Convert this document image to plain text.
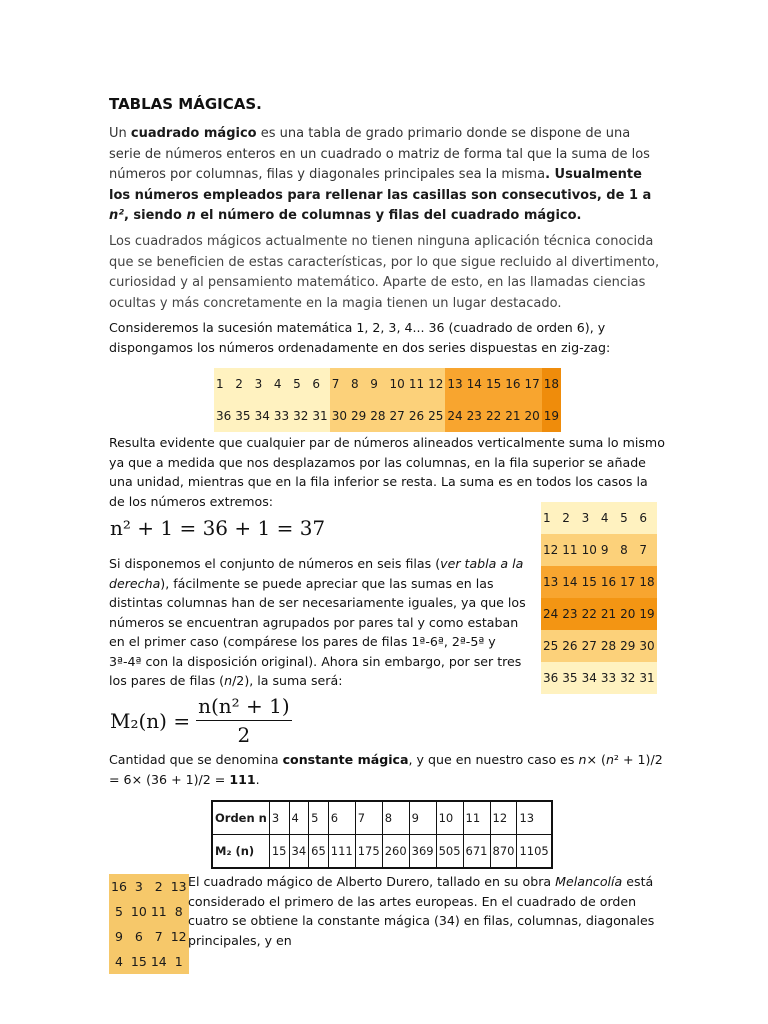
TABLAS MÁGICAS.
Un cuadrado mágico es una tabla de grado primario donde se dispone de una serie de números enteros en un cuadrado o matriz de forma tal que la suma de los números por columnas, filas y diagonales principales sea la misma. Usualmente los números empleados para rellenar las casillas son consecutivos, de 1 a n², siendo n el número de columnas y filas del cuadrado mágico.
Los cuadrados mágicos actualmente no tienen ninguna aplicación técnica conocida que se beneficien de estas características, por lo que sigue recluido al divertimento, curiosidad y al pensamiento matemático. Aparte de esto, en las llamadas ciencias ocultas y más concretamente en la magia tienen un lugar destacado.
Consideremos la sucesión matemática 1, 2, 3, 4... 36 (cuadrado de orden 6), y dispongamos los números ordenadamente en dos series dispuestas en zig-zag:
1	2	3	4	5	6	7	8	9	10	11	12	13	14	15	16	17	18
36	35	34	33	32	31	30	29	28	27	26	25	24	23	22	21	20	19
Resulta evidente que cualquier par de números alineados verticalmente suma lo mismo ya que a medida que nos desplazamos por las columnas, en la fila superior se añade una unidad, mientras que en la fila inferior se resta. La suma es en todos los casos la de los números extremos:
n² + 1 = 36 + 1 = 37	1	2	3	4	5	6
12	11	10	9	8	7
13	14	15	16	17	18
24	23	22	21	20	19
25	26	27	28	29	30
36	35	34	33	32	31
Si disponemos el conjunto de números en seis filas (ver tabla a la derecha), fácilmente se puede apreciar que las sumas en las distintas columnas han de ser necesariamente iguales, ya que los números se encuentran agrupados por pares tal y como estaban en el primer caso (compárese los pares de filas 1ª-6ª, 2ª-5ª y 3ª-4ª con la disposición original). Ahora sin embargo, por ser tres los pares de filas (n/2), la suma será:
$M_2(n) = \frac{\text{n(n² + 1)}}{2}$
Cantidad que se denomina constante mágica, y que en nuestro caso es n× (n² + 1)/2 = 6× (36 + 1)/2 = 111.
Orden n	3	4	5	6	7	8	9	10	11	12	13
M₂ (n)	15	34	65	111	175	260	369	505	671	870	1105
16	3	2	13
5	10	11	8
9	6	7	12
4	15	14	1
El cuadrado mágico de Alberto Durero, tallado en su obra Melancolía está considerado el primero de las artes europeas. En el cuadrado de orden cuatro se obtiene la constante mágica (34) en filas, columnas, diagonales principales, y en
